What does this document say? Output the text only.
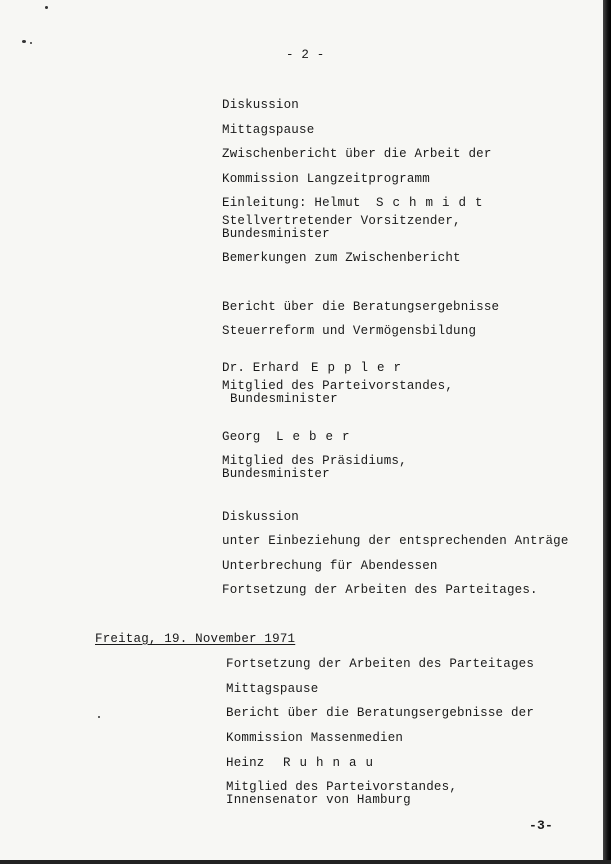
- 2 -
Diskussion
Mittagspause
Zwischenbericht über die Arbeit der
Kommission Langzeitprogramm
Einleitung: Helmut Schmidt
Stellvertretender Vorsitzender,
Bundesminister
Bemerkungen zum Zwischenbericht
Bericht über die Beratungsergebnisse
Steuerreform und Vermögensbildung
Dr. Erhard Eppler
Mitglied des Parteivorstandes,
Bundesminister
Georg Leber
Mitglied des Präsidiums,
Bundesminister
Diskussion
unter Einbeziehung der entsprechenden Anträge
Unterbrechung für Abendessen
Fortsetzung der Arbeiten des Parteitages.
Freitag, 19. November 1971
Fortsetzung der Arbeiten des Parteitages
Mittagspause
Bericht über die Beratungsergebnisse der
Kommission Massenmedien
Heinz Ruhnau
Mitglied des Parteivorstandes,
Innensenator von Hamburg
-3-
